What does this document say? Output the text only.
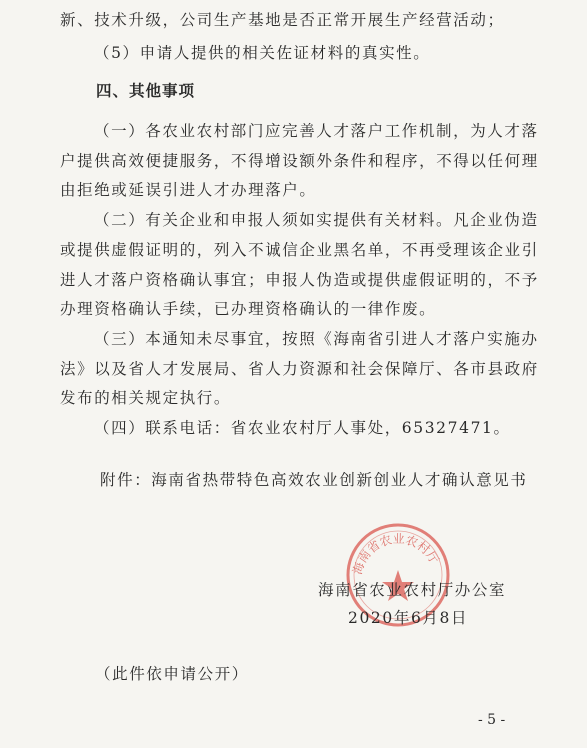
新、技术升级，公司生产基地是否正常开展生产经营活动；
（5）申请人提供的相关佐证材料的真实性。
四、其他事项
（一）各农业农村部门应完善人才落户工作机制，为人才落
户提供高效便捷服务，不得增设额外条件和程序，不得以任何理
由拒绝或延误引进人才办理落户。
（二）有关企业和申报人须如实提供有关材料。凡企业伪造
或提供虚假证明的，列入不诚信企业黑名单，不再受理该企业引
进人才落户资格确认事宜；申报人伪造或提供虚假证明的，不予
办理资格确认手续，已办理资格确认的一律作废。
（三）本通知未尽事宜，按照《海南省引进人才落户实施办
法》以及省人才发展局、省人力资源和社会保障厅、各市县政府
发布的相关规定执行。
（四）联系电话：省农业农村厅人事处，65327471。
附件：海南省热带特色高效农业创新创业人才确认意见书
海南省农业农村厅
海南省农业农村厅办公室
2020年6月8日
（此件依申请公开）
- 5 -
